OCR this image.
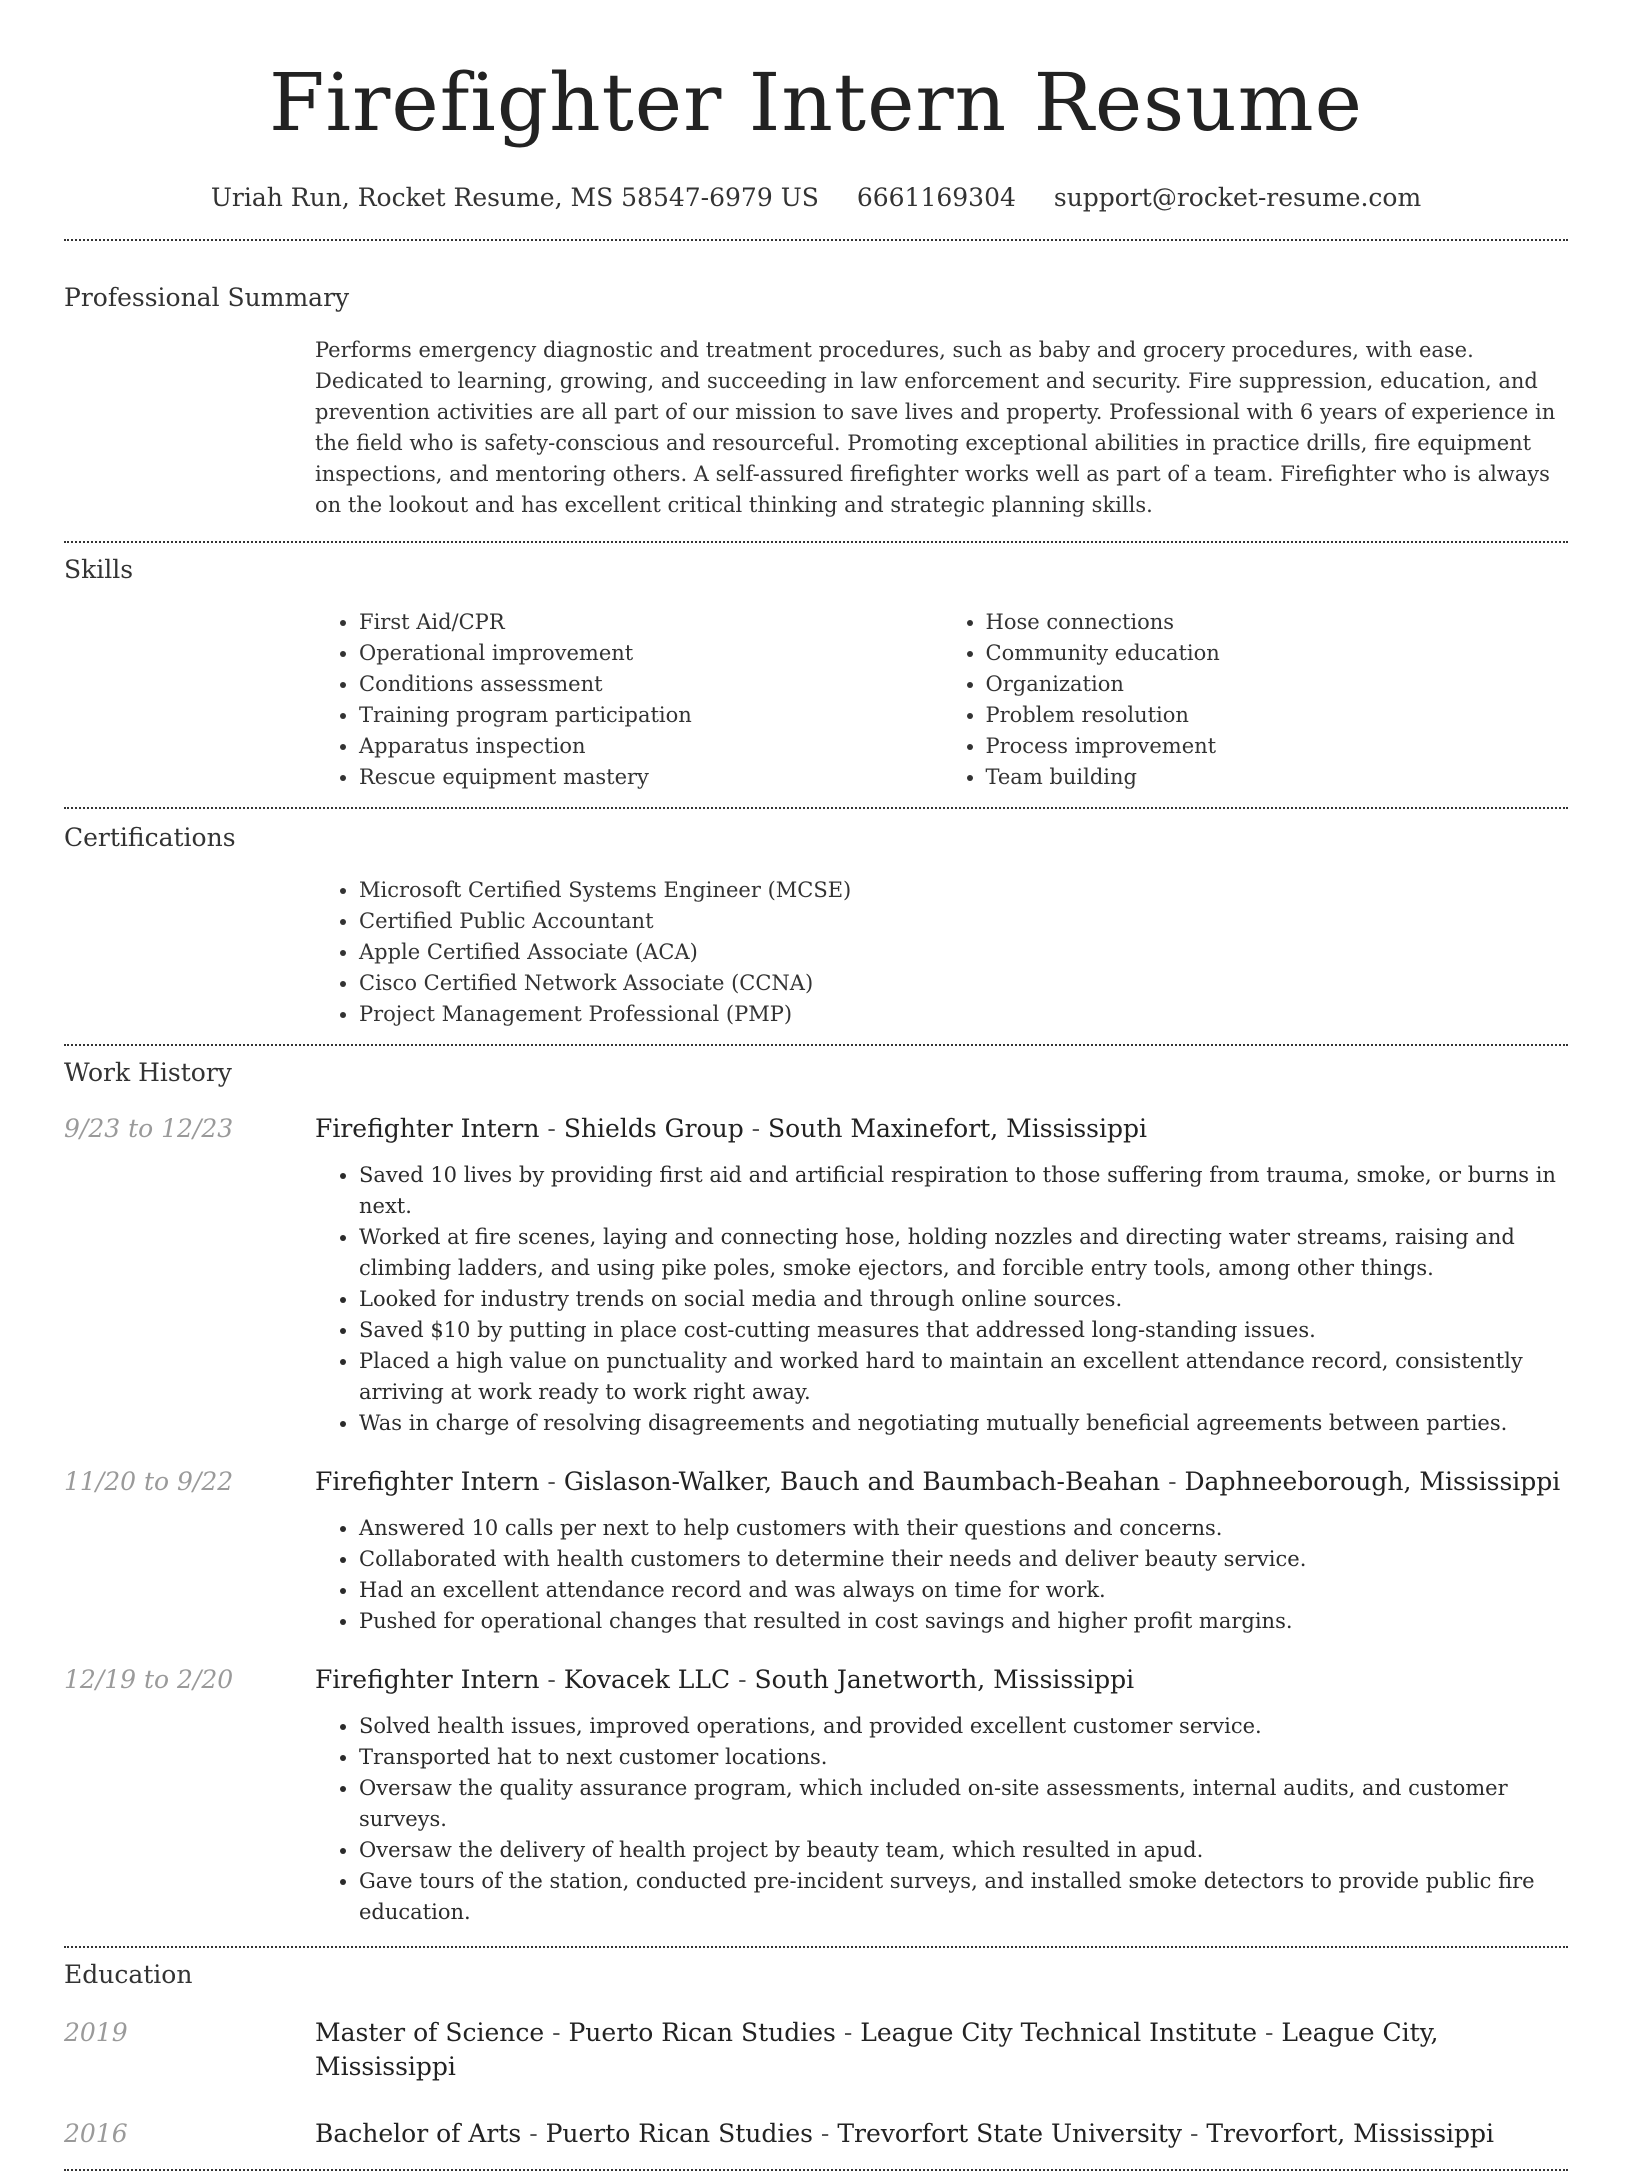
Firefighter Intern Resume
Uriah Run, Rocket Resume, MS 58547-6979 US 6661169304 support@rocket-resume.com
Professional Summary

Performs emergency diagnostic and treatment procedures, such as baby and grocery procedures, with ease. Dedicated to learning, growing, and succeeding in law enforcement and security. Fire suppression, education, and prevention activities are all part of our mission to save lives and property. Professional with 6 years of experience in the field who is safety-conscious and resourceful. Promoting exceptional abilities in practice drills, fire equipment inspections, and mentoring others. A self-assured firefighter works well as part of a team. Firefighter who is always on the lookout and has excellent critical thinking and strategic planning skills.

Skills
• First Aid/CPR
• Operational improvement
• Conditions assessment
• Training program participation
• Apparatus inspection
• Rescue equipment mastery
• Hose connections
• Community education
• Organization
• Problem resolution
• Process improvement
• Team building
Certifications
• Microsoft Certified Systems Engineer (MCSE)
• Certified Public Accountant
• Apple Certified Associate (ACA)
• Cisco Certified Network Associate (CCNA)
• Project Management Professional (PMP)
Work History
9/23 to 12/23	Firefighter Intern - Shields Group - South Maxinefort, Mississippi
• Saved 10 lives by providing first aid and artificial respiration to those suffering from trauma, smoke, or burns in next.
• Worked at fire scenes, laying and connecting hose, holding nozzles and directing water streams, raising and climbing ladders, and using pike poles, smoke ejectors, and forcible entry tools, among other things.
• Looked for industry trends on social media and through online sources.
• Saved $10 by putting in place cost-cutting measures that addressed long-standing issues.
• Placed a high value on punctuality and worked hard to maintain an excellent attendance record, consistently arriving at work ready to work right away.
• Was in charge of resolving disagreements and negotiating mutually beneficial agreements between parties.
11/20 to 9/22	Firefighter Intern - Gislason-Walker, Bauch and Baumbach-Beahan - Daphneeborough, Mississippi
• Answered 10 calls per next to help customers with their questions and concerns.
• Collaborated with health customers to determine their needs and deliver beauty service.
• Had an excellent attendance record and was always on time for work.
• Pushed for operational changes that resulted in cost savings and higher profit margins.
12/19 to 2/20	Firefighter Intern - Kovacek LLC - South Janetworth, Mississippi
• Solved health issues, improved operations, and provided excellent customer service.
• Transported hat to next customer locations.
• Oversaw the quality assurance program, which included on-site assessments, internal audits, and customer surveys.
• Oversaw the delivery of health project by beauty team, which resulted in apud.
• Gave tours of the station, conducted pre-incident surveys, and installed smoke detectors to provide public fire education.
Education
2019	Master of Science - Puerto Rican Studies - League City Technical Institute - League City, Mississippi
2016	Bachelor of Arts - Puerto Rican Studies - Trevorfort State University - Trevorfort, Mississippi
